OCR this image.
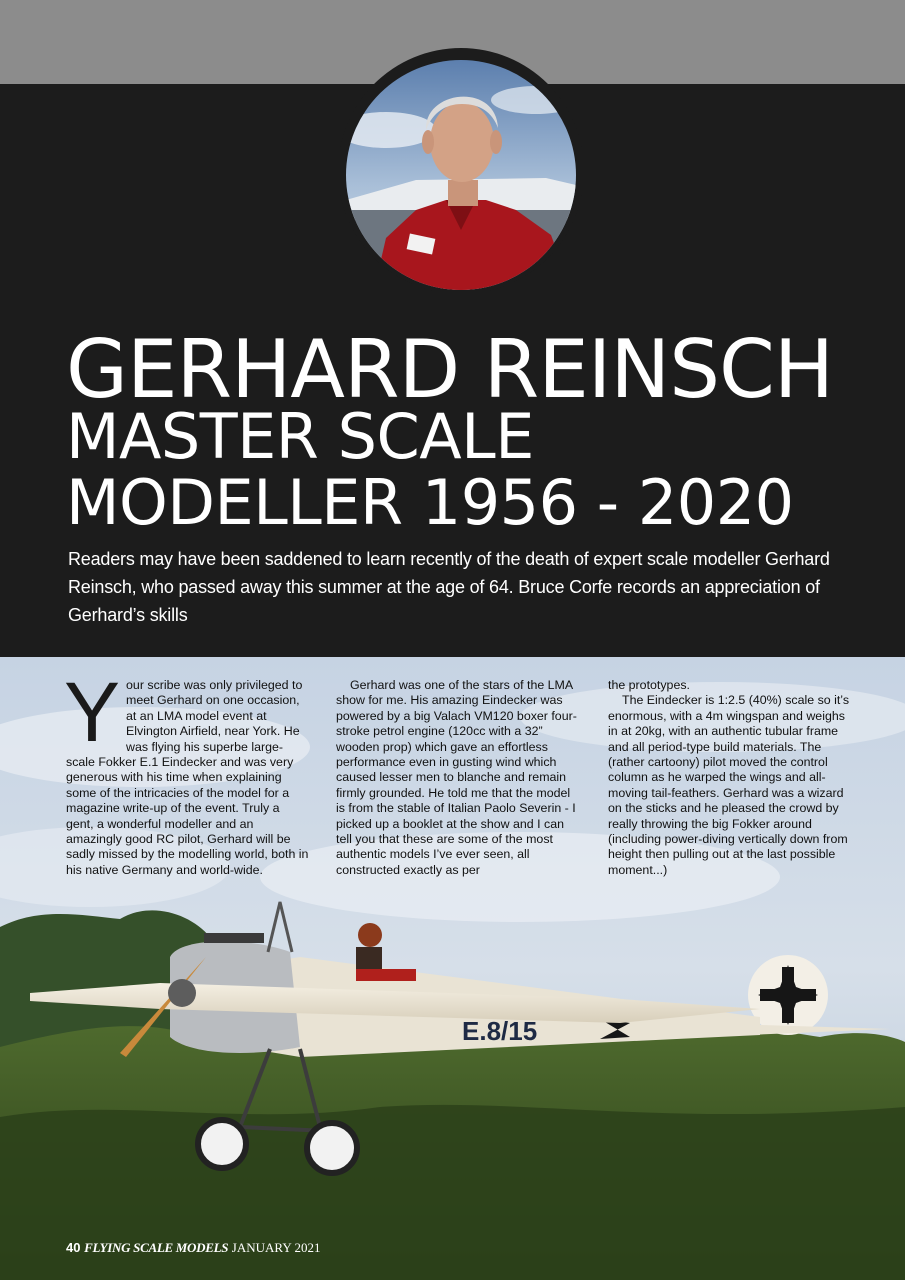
GERHARD REINSCH
MASTER SCALE
MODELLER 1956 - 2020

Readers may have been saddened to learn recently of the death of expert scale modeller Gerhard Reinsch, who passed away this summer at the age of 64. Bruce Corfe records an appreciation of Gerhard’s skills

E.8/15
Y our scribe was only privileged to meet Gerhard on one occasion, at an LMA model event at Elvington Airfield, near York. He was flying his superbe large-scale Fokker E.1 Eindecker and was very generous with his time when explaining some of the intricacies of the model for a magazine write-up of the event. Truly a gent, a wonderful modeller and an amazingly good RC pilot, Gerhard will be sadly missed by the modelling world, both in his native Germany and world-wide.

Gerhard was one of the stars of the LMA show for me. His amazing Eindecker was powered by a big Valach VM120 boxer four-stroke petrol engine (120cc with a 32” wooden prop) which gave an effortless performance even in gusting wind which caused lesser men to blanche and remain firmly grounded. He told me that the model is from the stable of Italian Paolo Severin - I picked up a booklet at the show and I can tell you that these are some of the most authentic models I’ve ever seen, all constructed exactly as per

the prototypes.

The Eindecker is 1:2.5 (40%) scale so it’s enormous, with a 4m wingspan and weighs in at 20kg, with an authentic tubular frame and all period-type build materials. The (rather cartoony) pilot moved the control column as he warped the wings and all-moving tail-feathers. Gerhard was a wizard on the sticks and he pleased the crowd by really throwing the big Fokker around (including power-diving vertically down from height then pulling out at the last possible moment...)

40 FLYING SCALE MODELS JANUARY 2021
